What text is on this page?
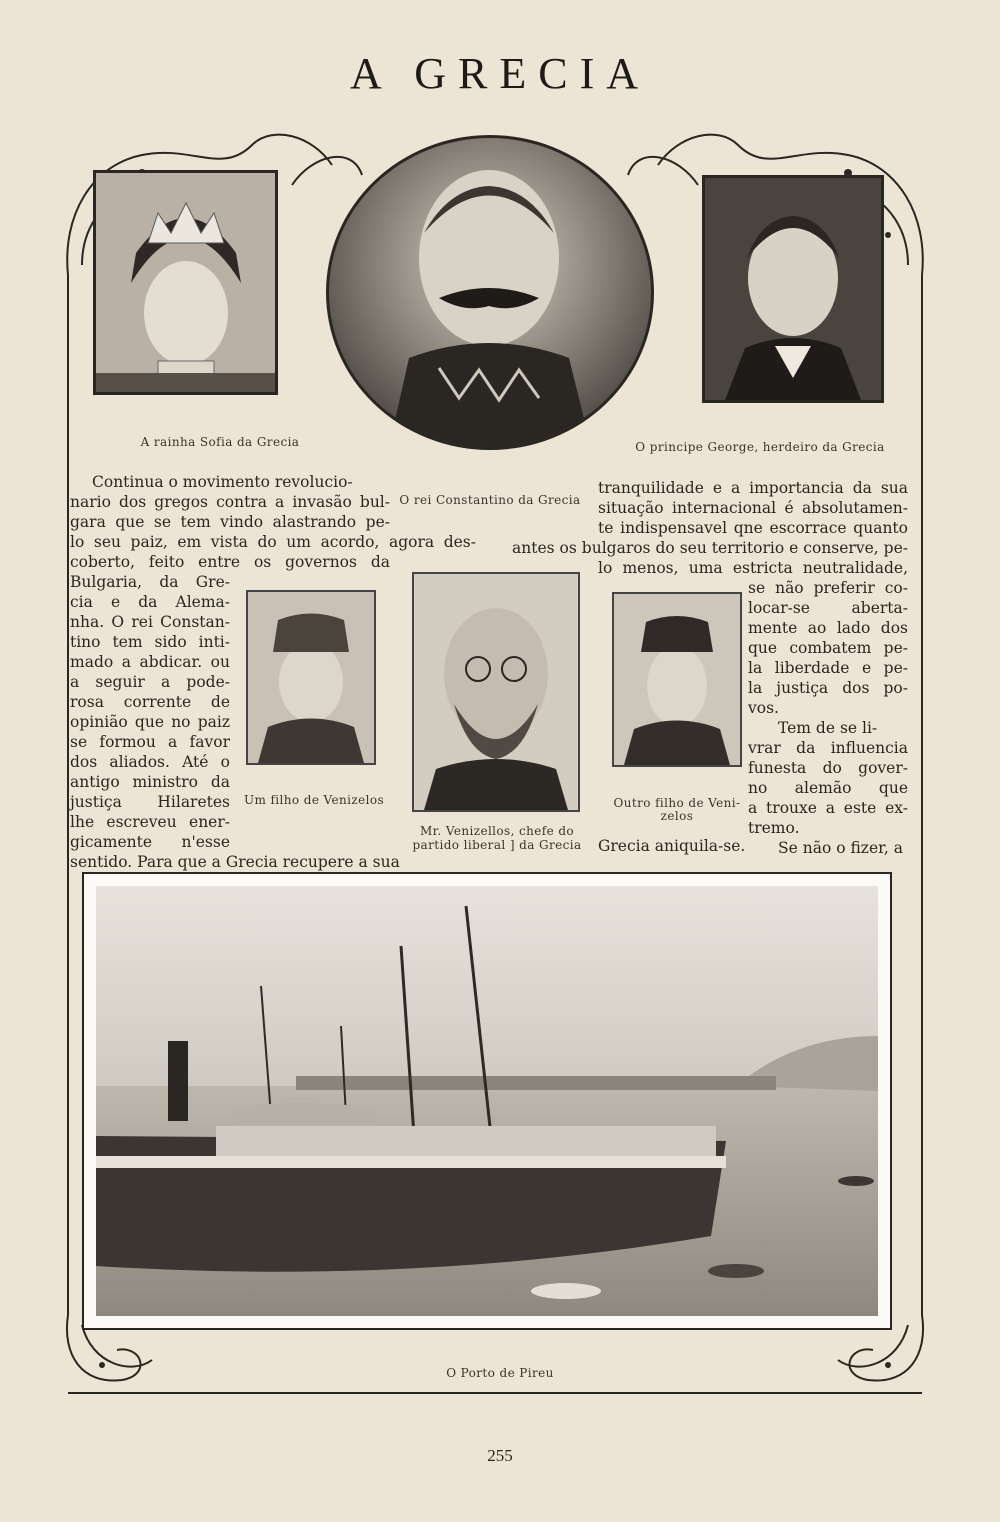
A GRECIA
A rainha Sofia da Grecia	O principe George, herdeiro da Grecia
O rei Constantino da Grecia
Continua o movimento revolucio-
nario dos gregos contra a invasão bul-
gara que se tem vindo alastrando pe-
lo seu paiz, em vista do um acordo, agora des-
coberto, feito entre os governos da
Bulgaria, da Gre-
cia e da Alema-
nha. O rei Constan-
tino tem sido inti-
mado a abdicar. ou
a seguir a pode-
rosa corrente de
opinião que no paiz
se formou a favor
dos aliados. Até o
antigo ministro da
justiça Hilaretes
lhe escreveu ener-
gicamente n'esse
sentido. Para que a Grecia recupere a sua
tranquilidade e a importancia da sua
situação internacional é absolutamen-
te indispensavel qne escorrace quanto
antes os bulgaros do seu territorio e conserve, pe-
lo menos, uma estricta neutralidade,
se não preferir co-
locar-se aberta-
mente ao lado dos
que combatem pe-
la liberdade e pe-
la justiça dos po-
vos.
Tem de se li-
vrar da influencia
funesta do gover-
no alemão que
a trouxe a este ex-
tremo.
Se não o fizer, a
Grecia aniquila-se.
Um filho de Venizelos
Mr. Venizellos, chefe do
partido liberal ] da Grecia
Outro filho de Veni-
zelos
O Porto de Pireu
255
